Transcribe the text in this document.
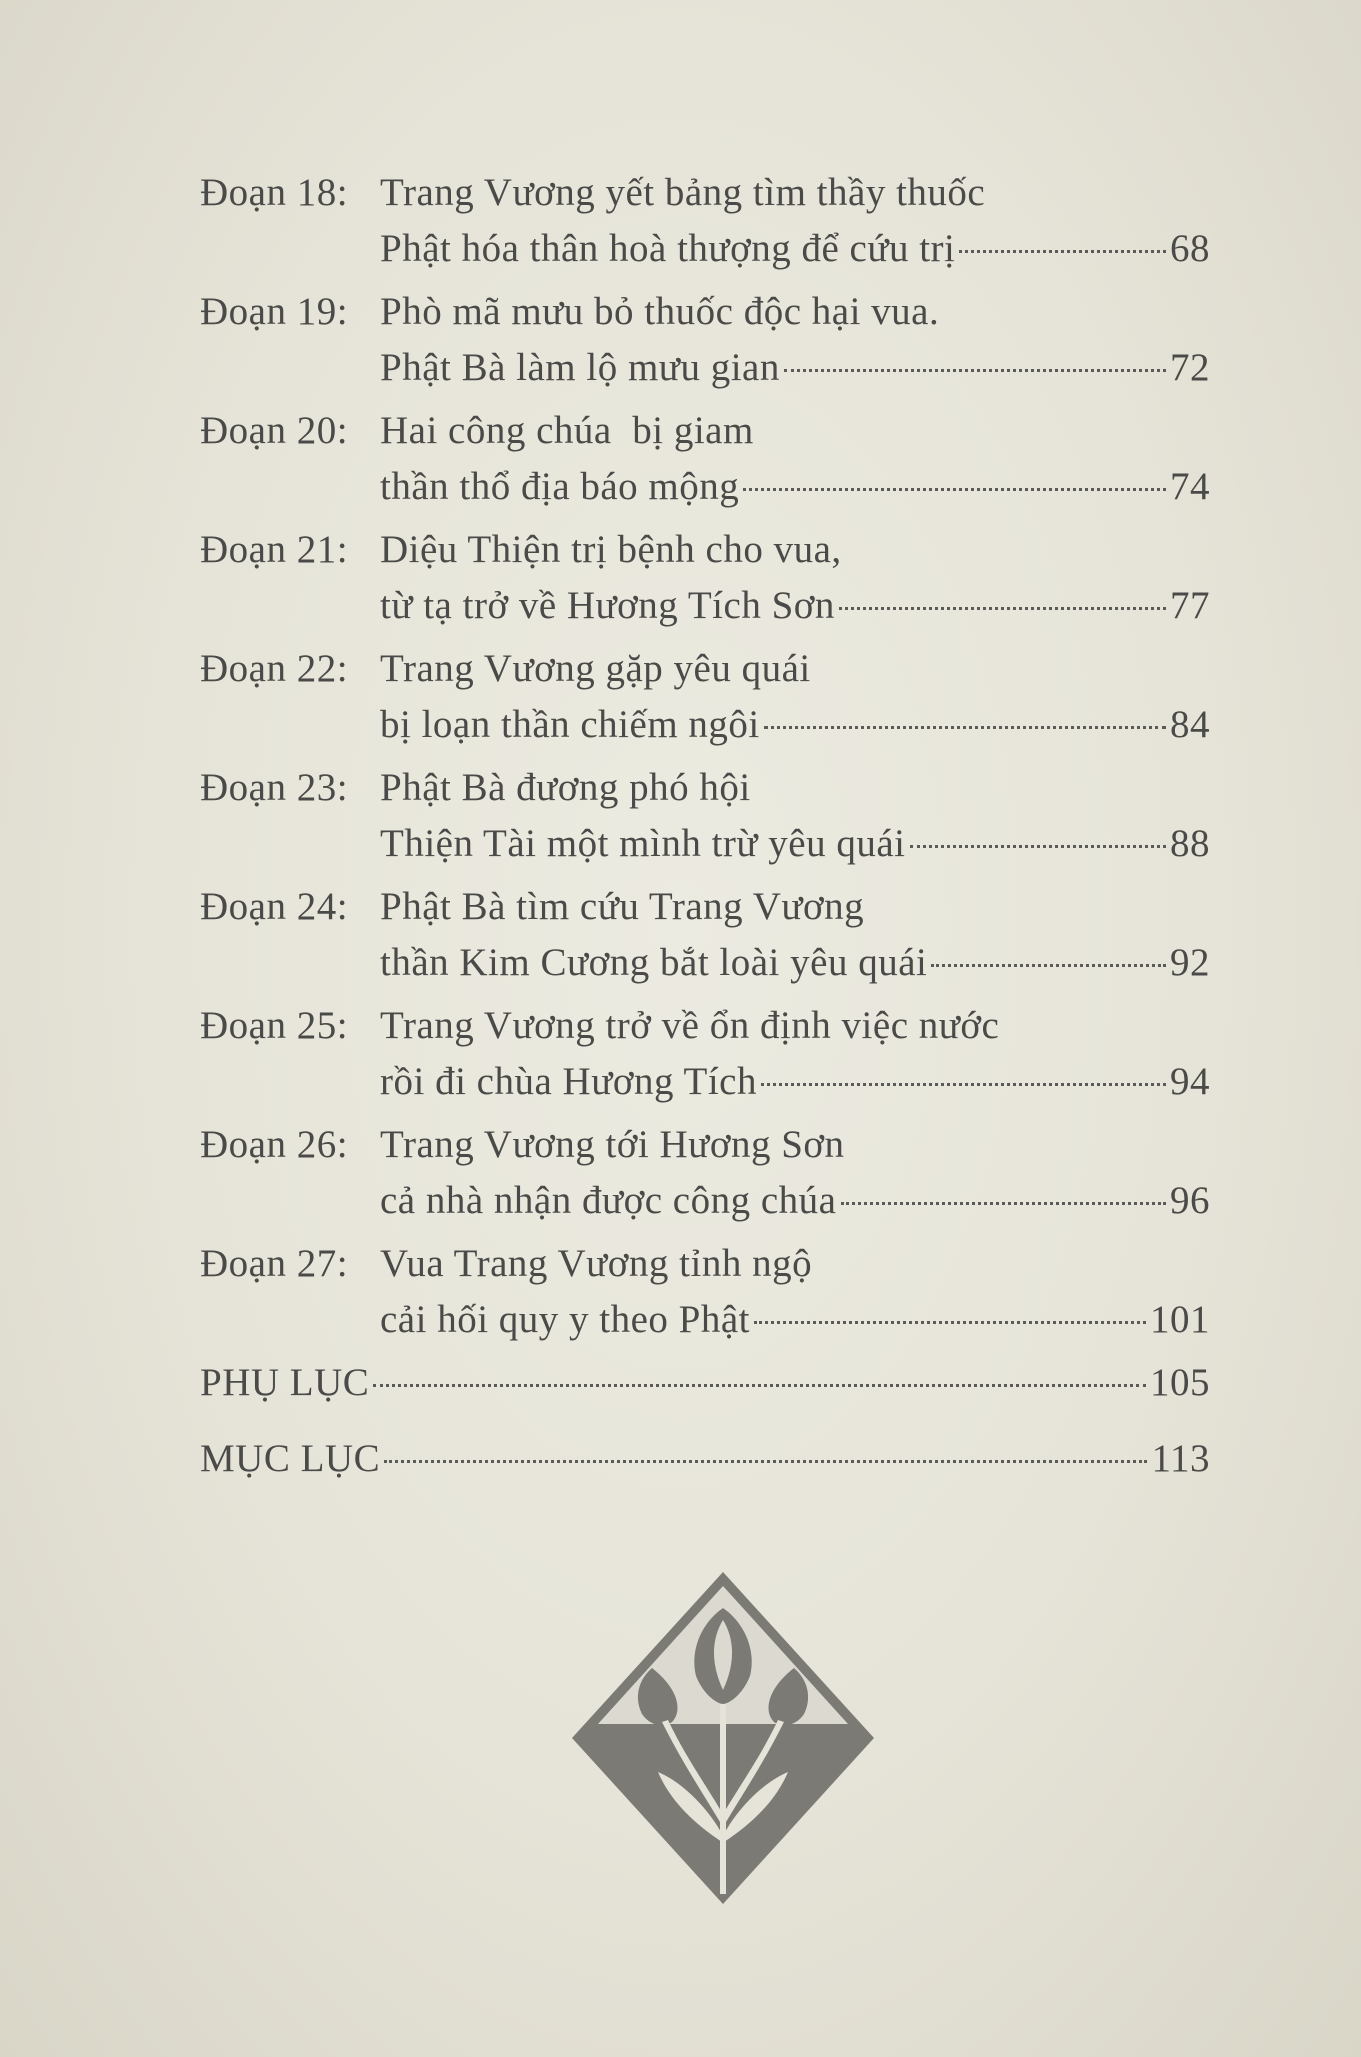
Đoạn 18: Trang Vương yết bảng tìm thầy thuốc
Phật hóa thân hoà thượng để cứu trị	68
Đoạn 19: Phò mã mưu bỏ thuốc độc hại vua.
Phật Bà làm lộ mưu gian	72
Đoạn 20: Hai công chúa  bị giam
thần thổ địa báo mộng	74
Đoạn 21: Diệu Thiện trị bệnh cho vua,
từ tạ trở về Hương Tích Sơn	77
Đoạn 22: Trang Vương gặp yêu quái
bị loạn thần chiếm ngôi	84
Đoạn 23: Phật Bà đương phó hội
Thiện Tài một mình trừ yêu quái	88
Đoạn 24: Phật Bà tìm cứu Trang Vương
thần Kim Cương bắt loài yêu quái	92
Đoạn 25: Trang Vương trở về ổn định việc nước
rồi đi chùa Hương Tích	94
Đoạn 26: Trang Vương tới Hương Sơn
cả nhà nhận được công chúa	96
Đoạn 27: Vua Trang Vương tỉnh ngộ
cải hối quy y theo Phật	101
PHỤ LỤC	105
MỤC LỤC	113
